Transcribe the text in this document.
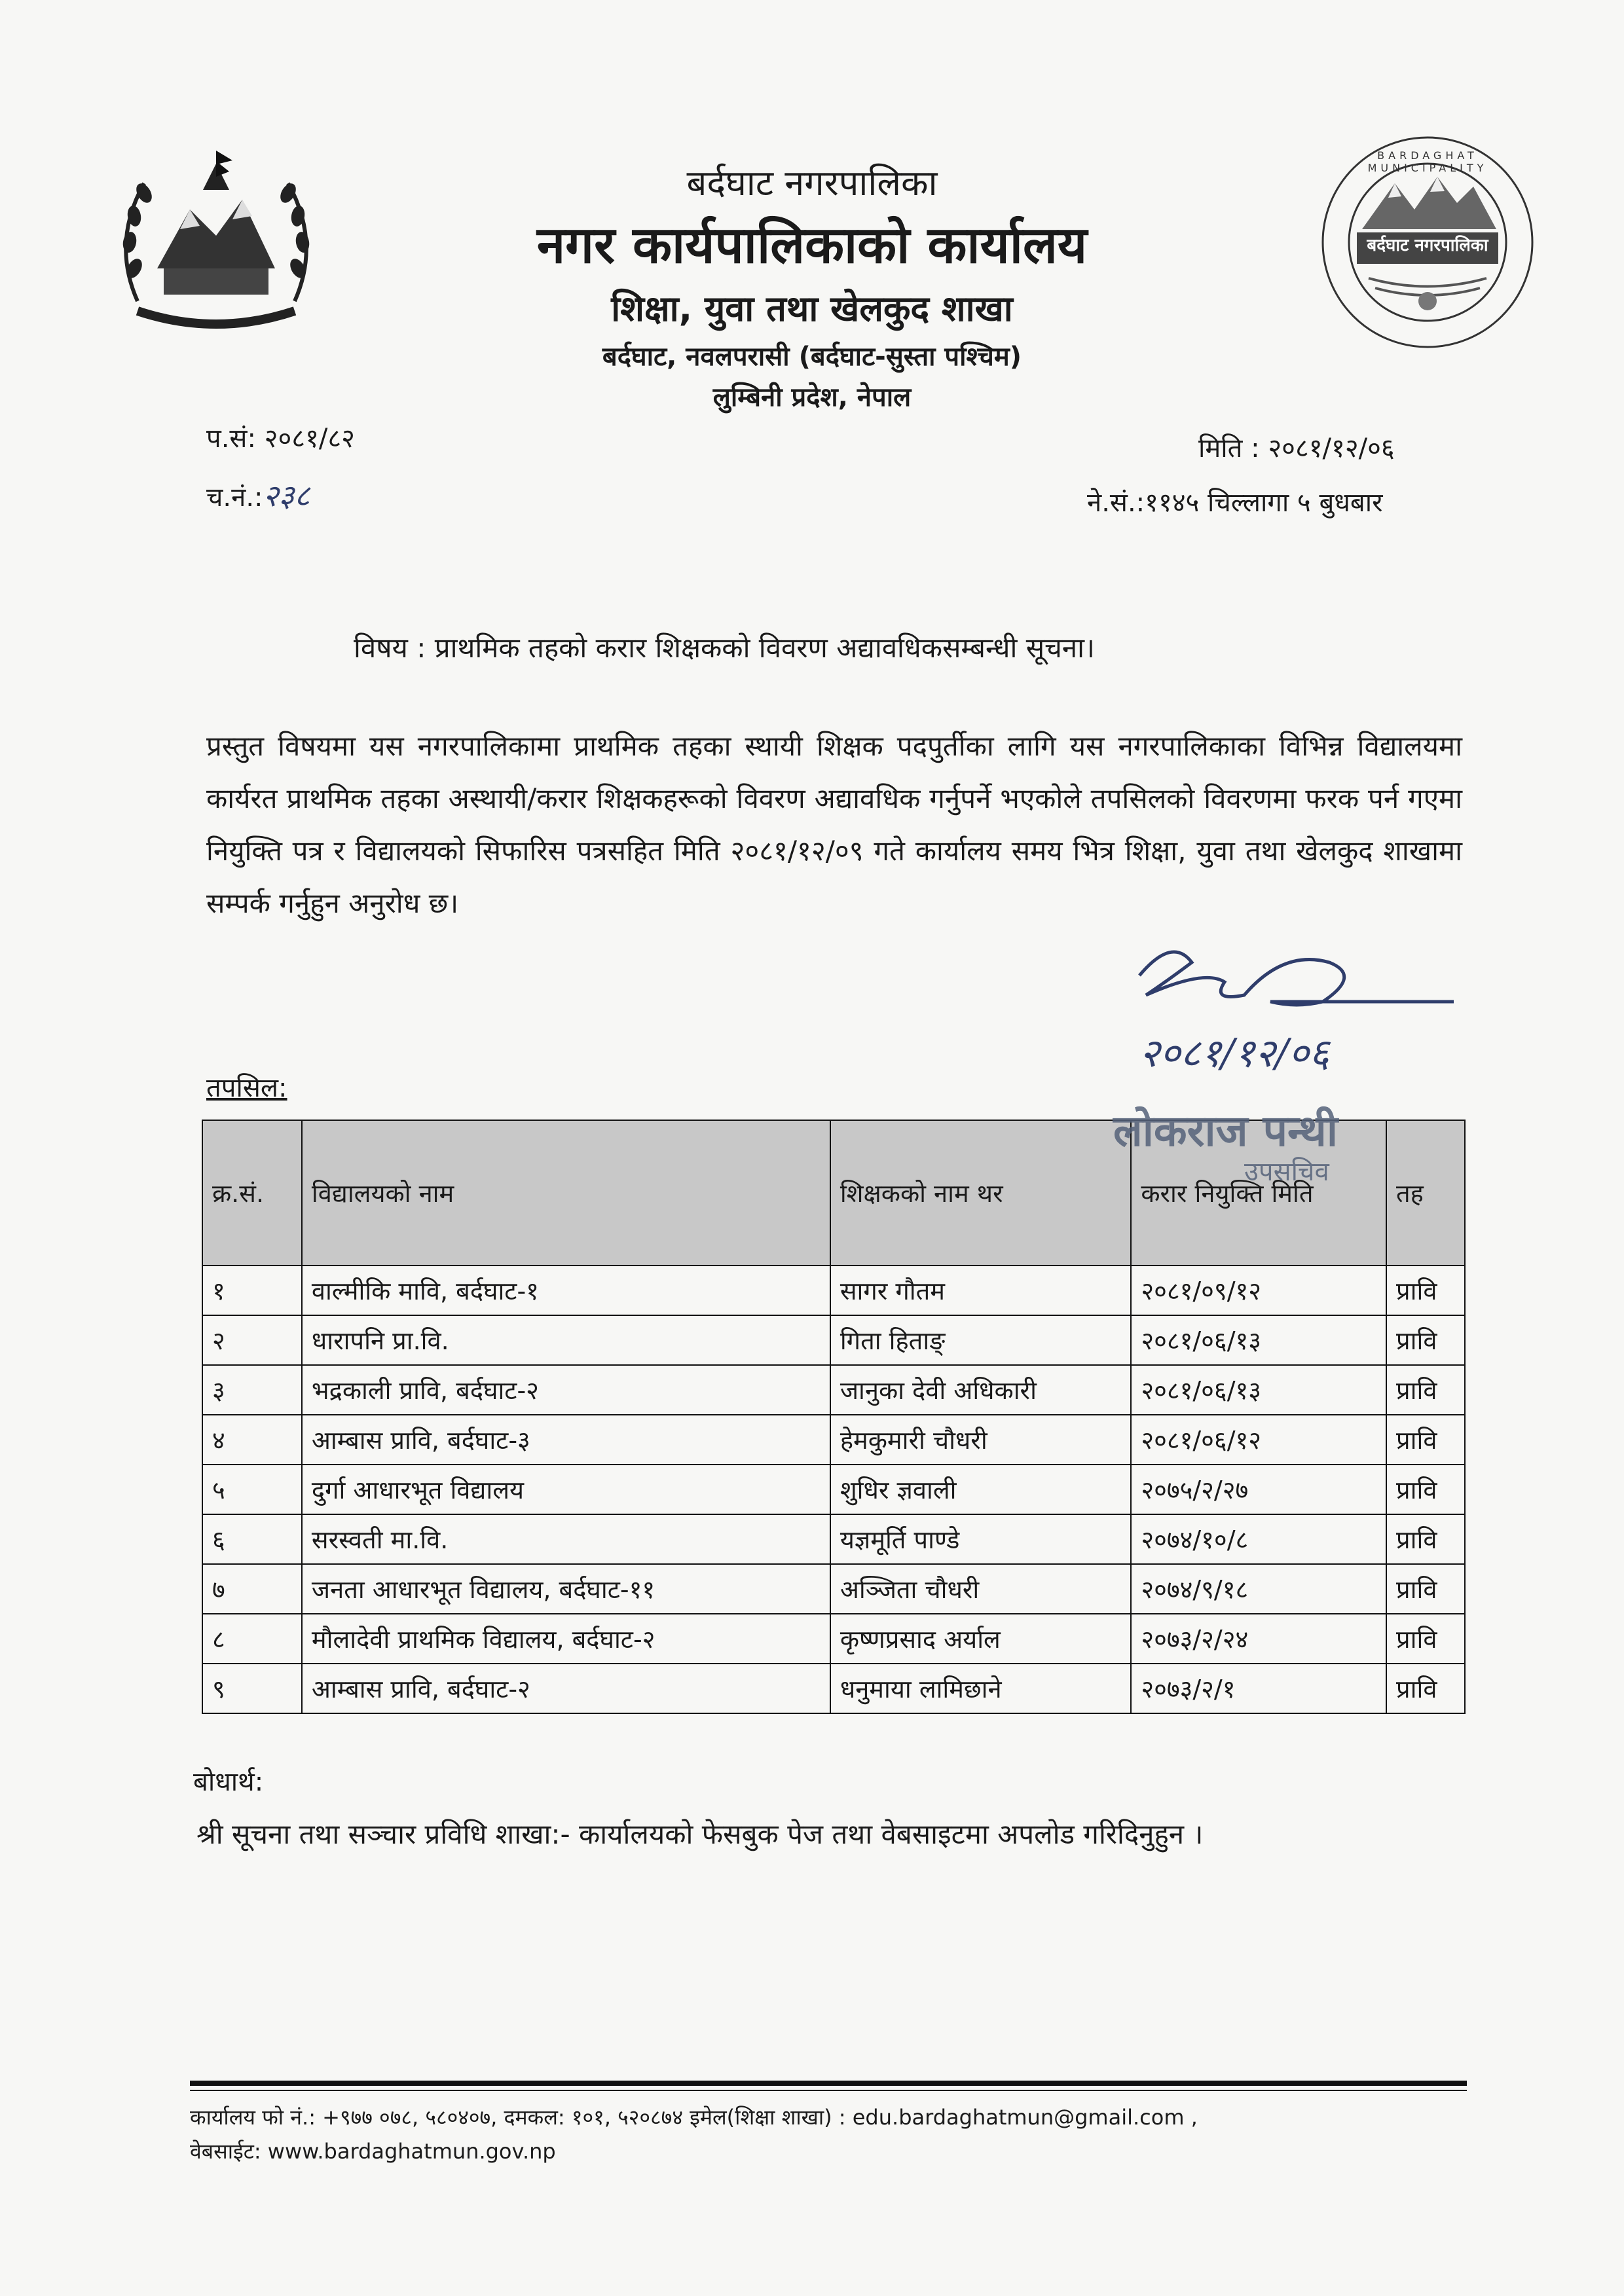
बर्दघाट नगरपालिका
BARDAGHAT MUNICIPALITY
बर्दघाट नगरपालिका
नगर कार्यपालिकाको कार्यालय
शिक्षा, युवा तथा खेलकुद शाखा
बर्दघाट, नवलपरासी (बर्दघाट-सुस्ता पश्चिम)
लुम्बिनी प्रदेश, नेपाल
प.सं: २०८१/८२
च.नं.:२३८
मिति : २०८१/१२/०६
ने.सं.:११४५ चिल्लागा ५ बुधबार
विषय : प्राथमिक तहको करार शिक्षकको विवरण अद्यावधिकसम्बन्धी सूचना।
प्रस्तुत विषयमा यस नगरपालिकामा प्राथमिक तहका स्थायी शिक्षक पदपुर्तीका लागि यस नगरपालिकाका विभिन्न विद्यालयमा कार्यरत प्राथमिक तहका अस्थायी/करार शिक्षकहरूको विवरण अद्यावधिक गर्नुपर्ने भएकोले तपसिलको विवरणमा फरक पर्न गएमा नियुक्ति पत्र र विद्यालयको सिफारिस पत्रसहित मिति २०८१/१२/०९ गते कार्यालय समय भित्र शिक्षा, युवा तथा खेलकुद शाखामा सम्पर्क गर्नुहुन अनुरोध छ।
२०८१/१२/०६
तपसिल:
क्र.सं.	विद्यालयको नाम	शिक्षकको नाम थर	करार नियुक्ति मिति	तह
१	वाल्मीकि मावि, बर्दघाट-१	सागर गौतम	२०८१/०९/१२	प्रावि
२	धारापनि प्रा.वि.	गिता हिताङ्	२०८१/०६/१३	प्रावि
३	भद्रकाली प्रावि, बर्दघाट-२	जानुका देवी अधिकारी	२०८१/०६/१३	प्रावि
४	आम्बास प्रावि, बर्दघाट-३	हेमकुमारी चौधरी	२०८१/०६/१२	प्रावि
५	दुर्गा आधारभूत विद्यालय	शुधिर ज्ञवाली	२०७५/२/२७	प्रावि
६	सरस्वती मा.वि.	यज्ञमूर्ति पाण्डे	२०७४/१०/८	प्रावि
७	जनता आधारभूत विद्यालय, बर्दघाट-११	अञ्जिता चौधरी	२०७४/९/१८	प्रावि
८	मौलादेवी प्राथमिक विद्यालय, बर्दघाट-२	कृष्णप्रसाद अर्याल	२०७३/२/२४	प्रावि
९	आम्बास प्रावि, बर्दघाट-२	धनुमाया लामिछाने	२०७३/२/१	प्रावि
लोकराज पन्थी
उपसचिव
बोधार्थ:
श्री सूचना तथा सञ्चार प्रविधि शाखा:- कार्यालयको फेसबुक पेज तथा वेबसाइटमा अपलोड गरिदिनुहुन ।
कार्यालय फो नं.: +९७७ ०७८, ५८०४०७, दमकल: १०१, ५२०८७४ इमेल(शिक्षा शाखा) : edu.bardaghatmun@gmail.com ,
वेबसाईट: www.bardaghatmun.gov.np
